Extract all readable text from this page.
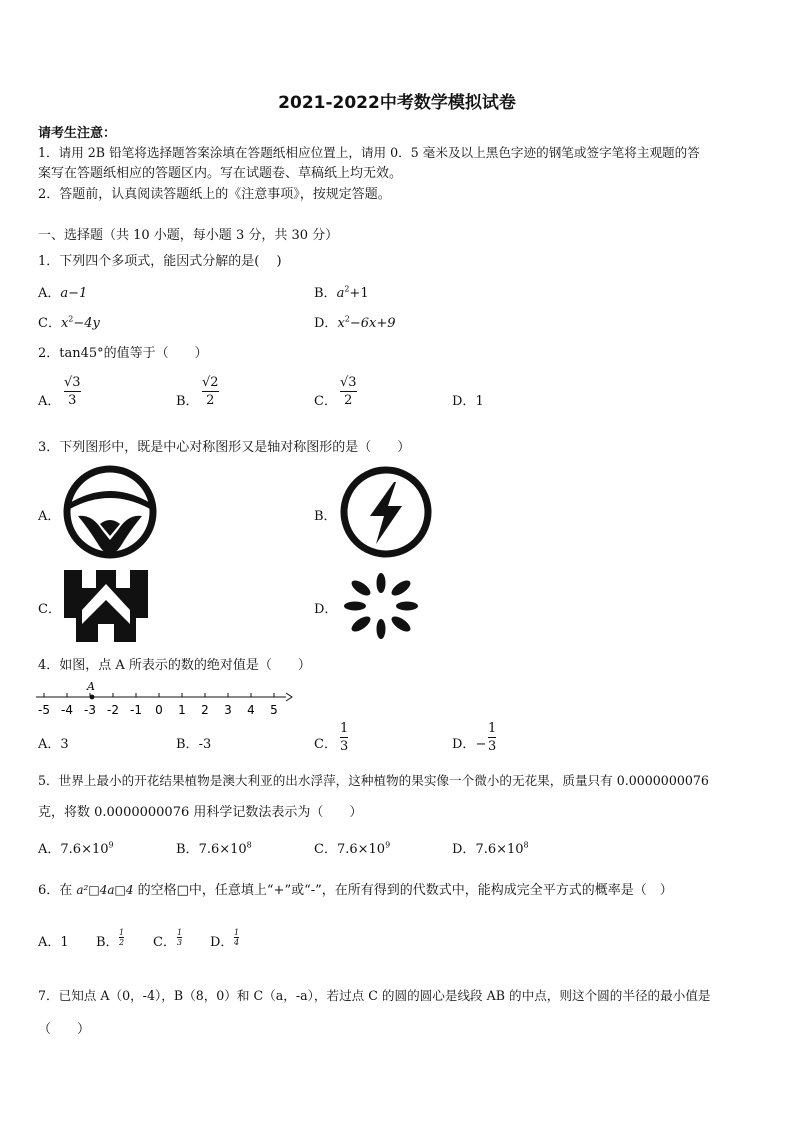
2021-2022中考数学模拟试卷
请考生注意：
1．请用 2B 铅笔将选择题答案涂填在答题纸相应位置上，请用 0．5 毫米及以上黑色字迹的钢笔或签字笔将主观题的答
案写在答题纸相应的答题区内。写在试题卷、草稿纸上均无效。
2．答题前，认真阅读答题纸上的《注意事项》，按规定答题。
一、选择题（共 10 小题，每小题 3 分，共 30 分）
1．下列四个多项式，能因式分解的是(　 )
A．a−1	B．$a^2+1$
C．$x^2-4y$	D．$x^2-6x+9$
2．tan45°的值等于（　　）
A．
√3
3	B．
√2
2	C．
√3
2	D．1
3．下列图形中，既是中心对称图形又是轴对称图形的是（　　）
A．	B．
C．	D．
4．如图，点 A 所表示的数的绝对值是（　　）
-5 -4 -3 -2 -1 0 1 2 3 4 5
A
A．3	B．-3	C．
1
3	D．−
1
3
5．世界上最小的开花结果植物是澳大利亚的出水浮萍，这种植物的果实像一个微小的无花果，质量只有 0.0000000076
克，将数 0.0000000076 用科学记数法表示为（　　）
A．$7.6\times 10^9$	B．$7.6\times 10^8$	C．$7.6\times 10^9$	D．$7.6\times 10^8$
6．在 a²□4a□4 的空格□中，任意填上“+”或“-”，在所有得到的代数式中，能构成完全平方式的概率是（　）
A．1 B．
1
2 C．
1
3 D．
1
4
7．已知点 A（0，-4），B（8，0）和 C（a，-a），若过点 C 的圆的圆心是线段 AB 的中点，则这个圆的半径的最小值是
（　　）
